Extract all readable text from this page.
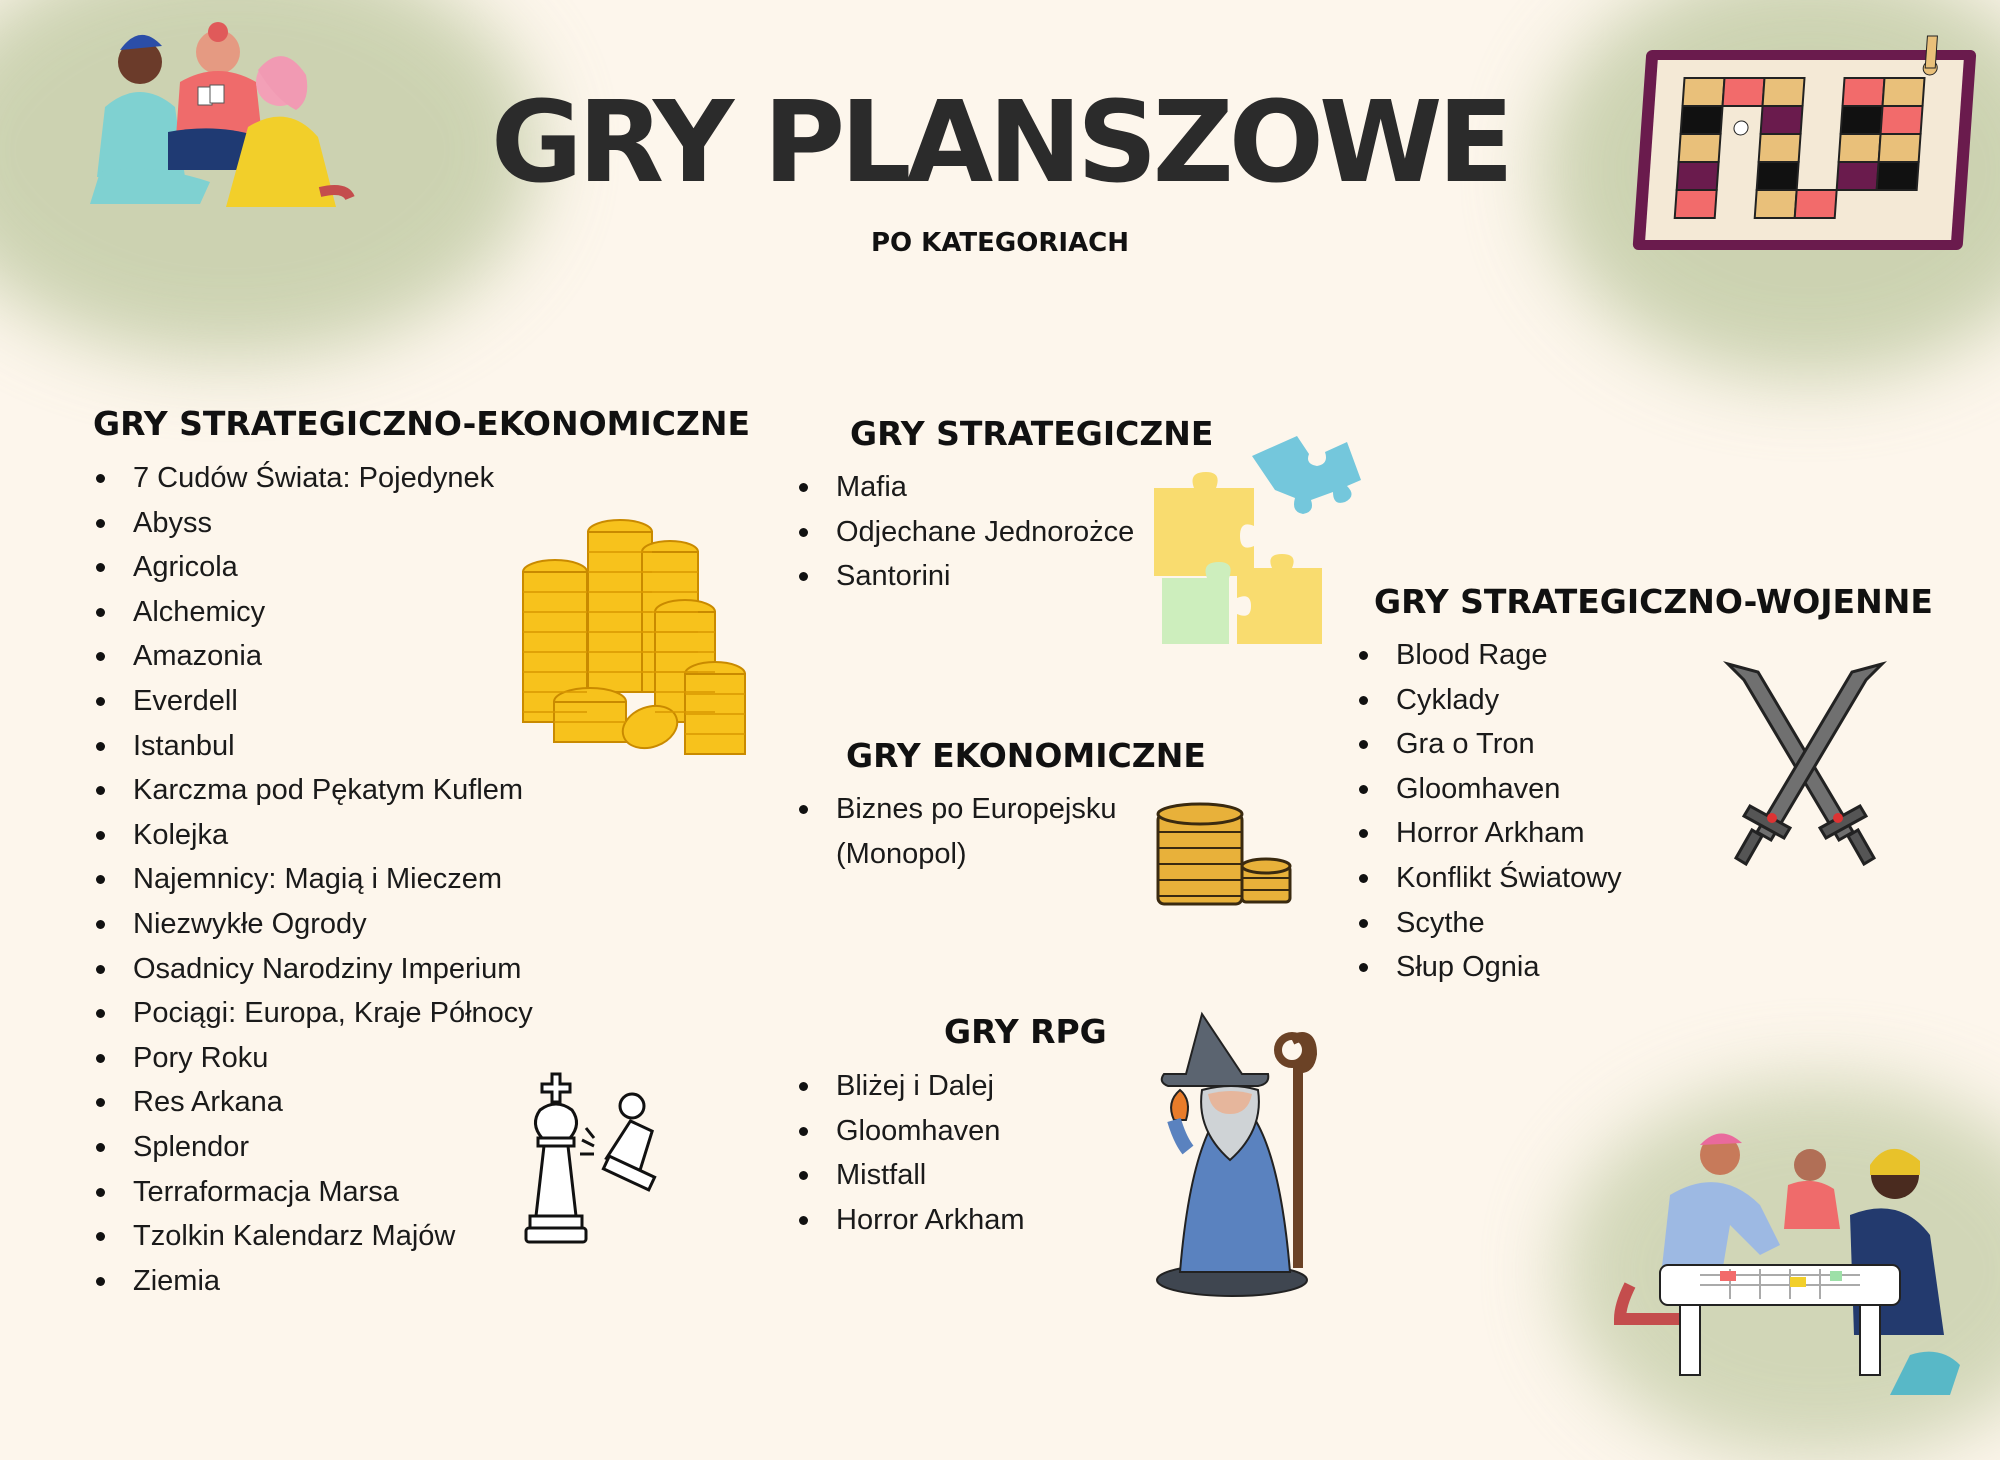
GRY PLANSZOWE
PO KATEGORIACH
GRY STRATEGICZNO-EKONOMICZNE
7 Cudów Świata: Pojedynek
Abyss
Agricola
Alchemicy
Amazonia
Everdell
Istanbul
Karczma pod Pękatym Kuflem
Kolejka
Najemnicy: Magią i Mieczem
Niezwykłe Ogrody
Osadnicy Narodziny Imperium
Pociągi: Europa, Kraje Północy
Pory Roku
Res Arkana
Splendor
Terraformacja Marsa
Tzolkin Kalendarz Majów
Ziemia
GRY STRATEGICZNE
Mafia
Odjechane Jednorożce
Santorini
GRY EKONOMICZNE
Biznes po Europejsku (Monopol)
GRY RPG
Bliżej i Dalej
Gloomhaven
Mistfall
Horror Arkham
GRY STRATEGICZNO-WOJENNE
Blood Rage
Cyklady
Gra o Tron
Gloomhaven
Horror Arkham
Konflikt Światowy
Scythe
Słup Ognia
